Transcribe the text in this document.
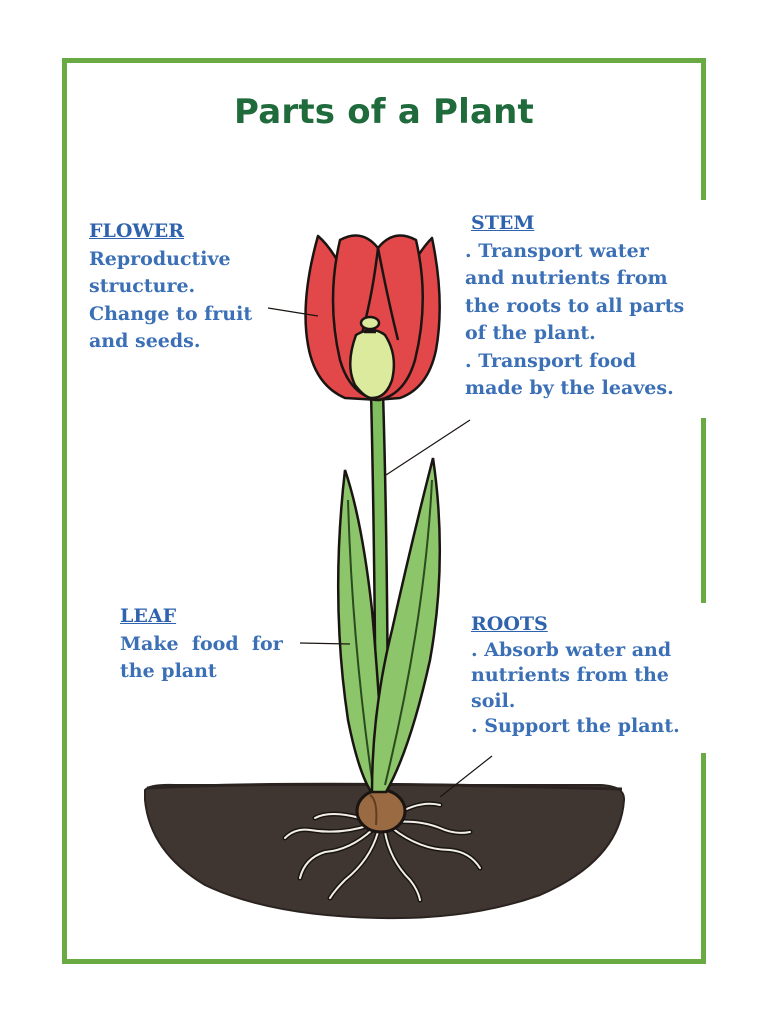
Parts of a Plant
FLOWER
Reproductive
structure.
Change to fruit
and seeds.
STEM
. Transport water
and nutrients from
the roots to all parts
of the plant.
. Transport food
made by the leaves.
LEAF
Make  food  for
the plant
ROOTS
. Absorb water and
nutrients from the
soil.
. Support the plant.
